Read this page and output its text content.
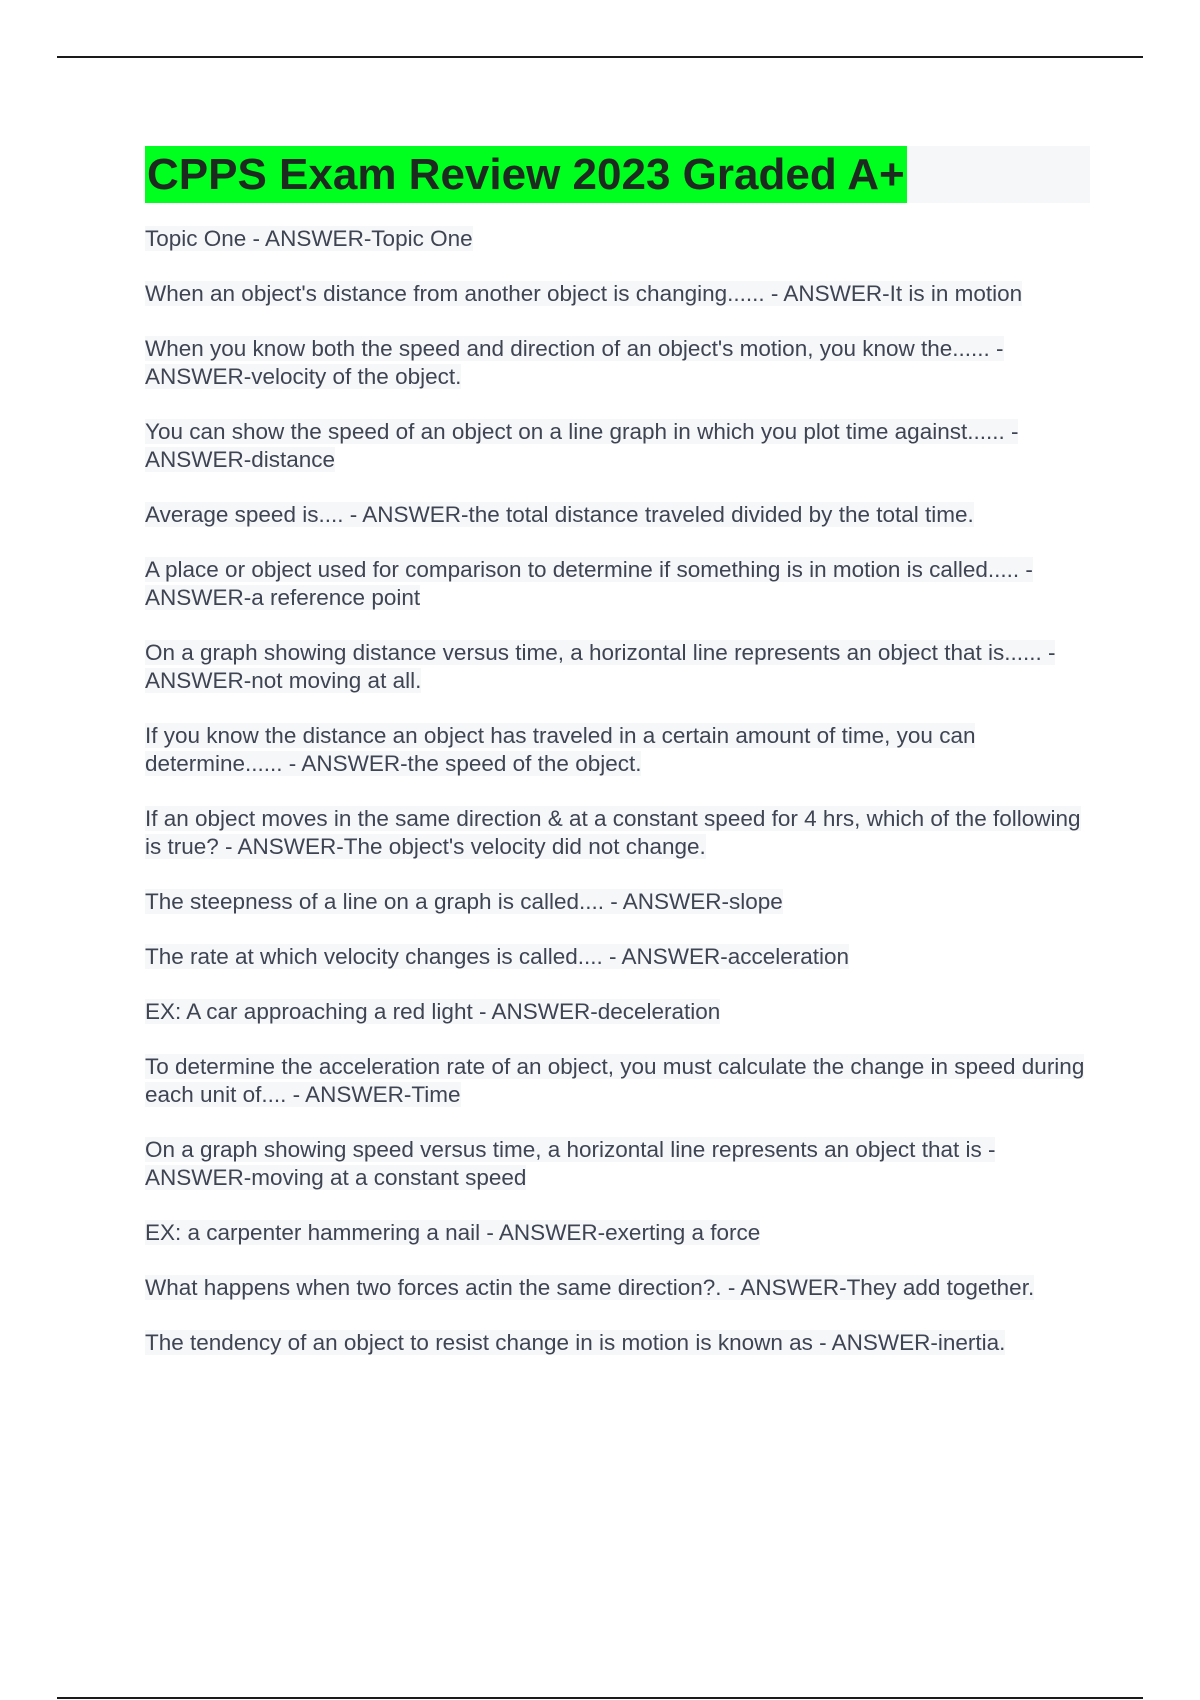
CPPS Exam Review 2023 Graded A+

Topic One - ANSWER-Topic One

When an object's distance from another object is changing...... - ANSWER-It is in motion

When you know both the speed and direction of an object's motion, you know the...... - ANSWER-velocity of the object.

You can show the speed of an object on a line graph in which you plot time against...... - ANSWER-distance

Average speed is.... - ANSWER-the total distance traveled divided by the total time.

A place or object used for comparison to determine if something is in motion is called..... - ANSWER-a reference point

On a graph showing distance versus time, a horizontal line represents an object that is...... - ANSWER-not moving at all.

If you know the distance an object has traveled in a certain amount of time, you can determine...... - ANSWER-the speed of the object.

If an object moves in the same direction & at a constant speed for 4 hrs, which of the following is true? - ANSWER-The object's velocity did not change.

The steepness of a line on a graph is called.... - ANSWER-slope

The rate at which velocity changes is called.... - ANSWER-acceleration

EX: A car approaching a red light - ANSWER-deceleration

To determine the acceleration rate of an object, you must calculate the change in speed during each unit of.... - ANSWER-Time

On a graph showing speed versus time, a horizontal line represents an object that is - ANSWER-moving at a constant speed

EX: a carpenter hammering a nail - ANSWER-exerting a force

What happens when two forces actin the same direction?. - ANSWER-They add together.

The tendency of an object to resist change in is motion is known as - ANSWER-inertia.
